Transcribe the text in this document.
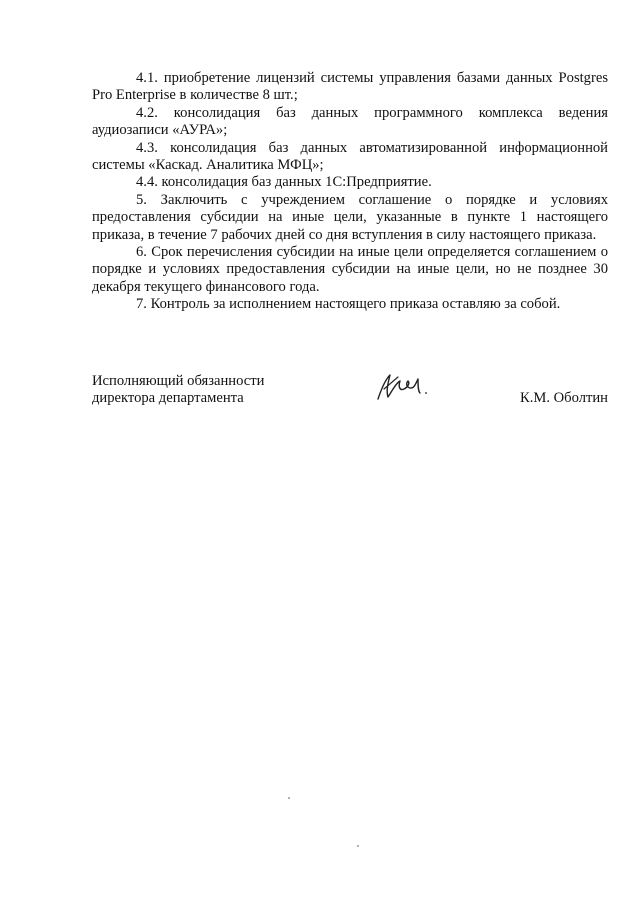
4.1. приобретение лицензий системы управления базами данных Postgres Pro Enterprise в количестве 8 шт.;

4.2. консолидация баз данных программного комплекса ведения аудиозаписи «АУРА»;

4.3. консолидация баз данных автоматизированной информационной системы «Каскад. Аналитика МФЦ»;

4.4. консолидация баз данных 1С:Предприятие.

5. Заключить с учреждением соглашение о порядке и условиях предоставления субсидии на иные цели, указанные в пункте 1 настоящего приказа, в течение 7 рабочих дней со дня вступления в силу настоящего приказа.

6. Срок перечисления субсидии на иные цели определяется соглашением о порядке и условиях предоставления субсидии на иные цели, но не позднее 30 декабря текущего финансового года.

7. Контроль за исполнением настоящего приказа оставляю за собой.

Исполняющий обязанности
директора департамента	К.М. Оболтин
